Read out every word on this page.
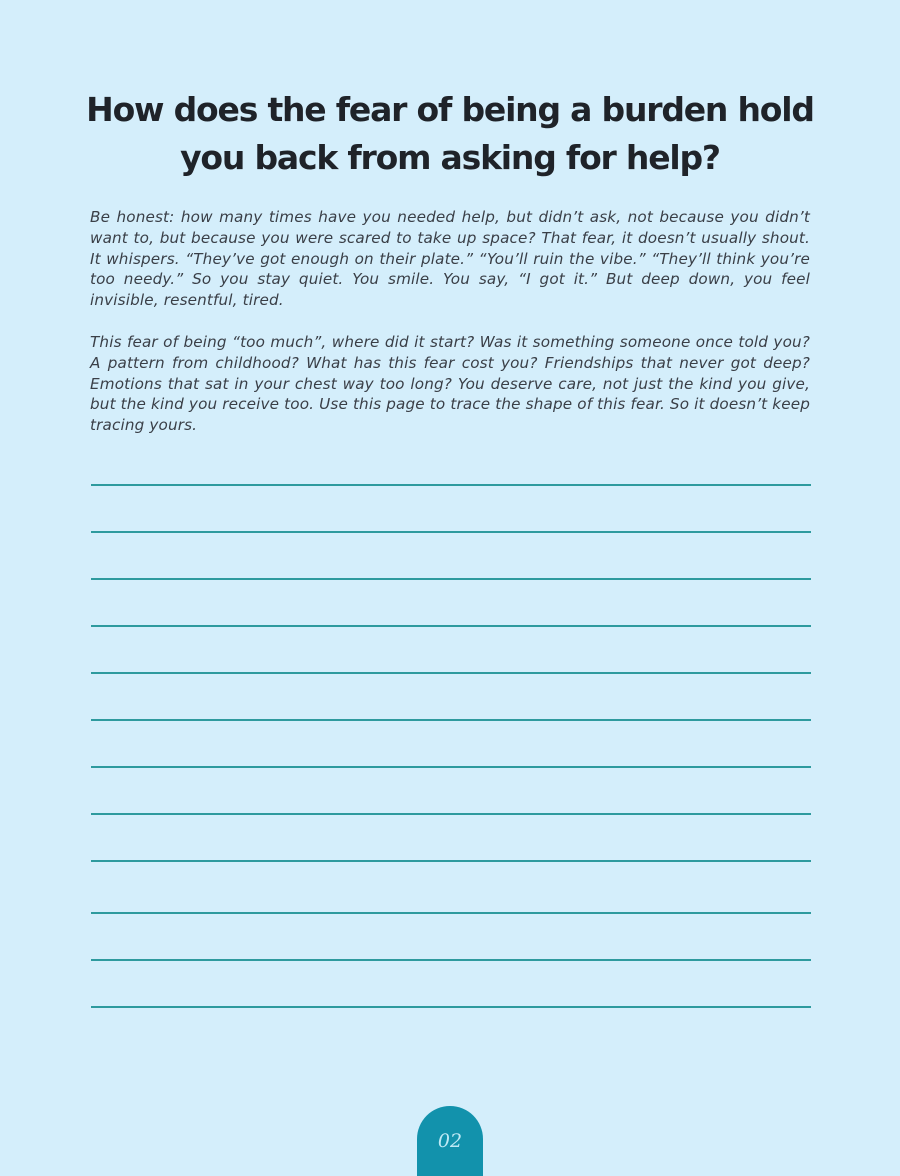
How does the fear of being a burden hold you back from asking for help?

Be honest: how many times have you needed help, but didn’t ask, not because you didn’t want to, but because you were scared to take up space? That fear, it doesn’t usually shout. It whispers. “They’ve got enough on their plate.” “You’ll ruin the vibe.” “They’ll think you’re too needy.” So you stay quiet. You smile. You say, “I got it.” But deep down, you feel invisible, resentful, tired.

This fear of being “too much”, where did it start? Was it something someone once told you? A pattern from childhood? What has this fear cost you? Friendships that never got deep? Emotions that sat in your chest way too long? You deserve care, not just the kind you give, but the kind you receive too. Use this page to trace the shape of this fear. So it doesn’t keep tracing yours.

02
